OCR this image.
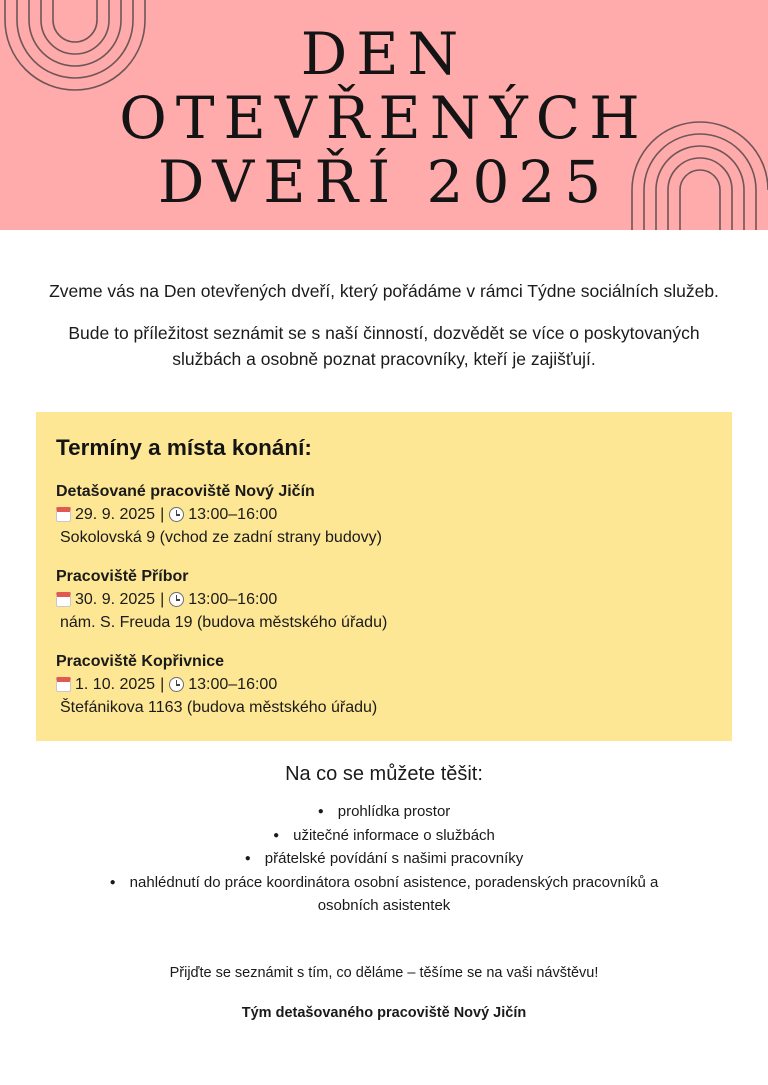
DEN
OTEVŘENÝCH
DVEŘÍ 2025

Zveme vás na Den otevřených dveří, který pořádáme v rámci Týdne sociálních služeb.

Bude to příležitost seznámit se s naší činností, dozvědět se více o poskytovaných službách a osobně poznat pracovníky, kteří je zajišťují.

Termíny a místa konání:
Detašované pracoviště Nový Jičín
29. 9. 2025 | 13:00–16:00
Sokolovská 9 (vchod ze zadní strany budovy)
Pracoviště Příbor
30. 9. 2025 | 13:00–16:00
nám. S. Freuda 19 (budova městského úřadu)
Pracoviště Kopřivnice
1. 10. 2025 | 13:00–16:00
Štefánikova 1163 (budova městského úřadu)
Na co se můžete těšit:
● prohlídka prostor
● užitečné informace o službách
● přátelské povídání s našimi pracovníky
● nahlédnutí do práce koordinátora osobní asistence, poradenských pracovníků a osobních asistentek
Přijďte se seznámit s tím, co děláme – těšíme se na vaši návštěvu!
Tým detašovaného pracoviště Nový Jičín
